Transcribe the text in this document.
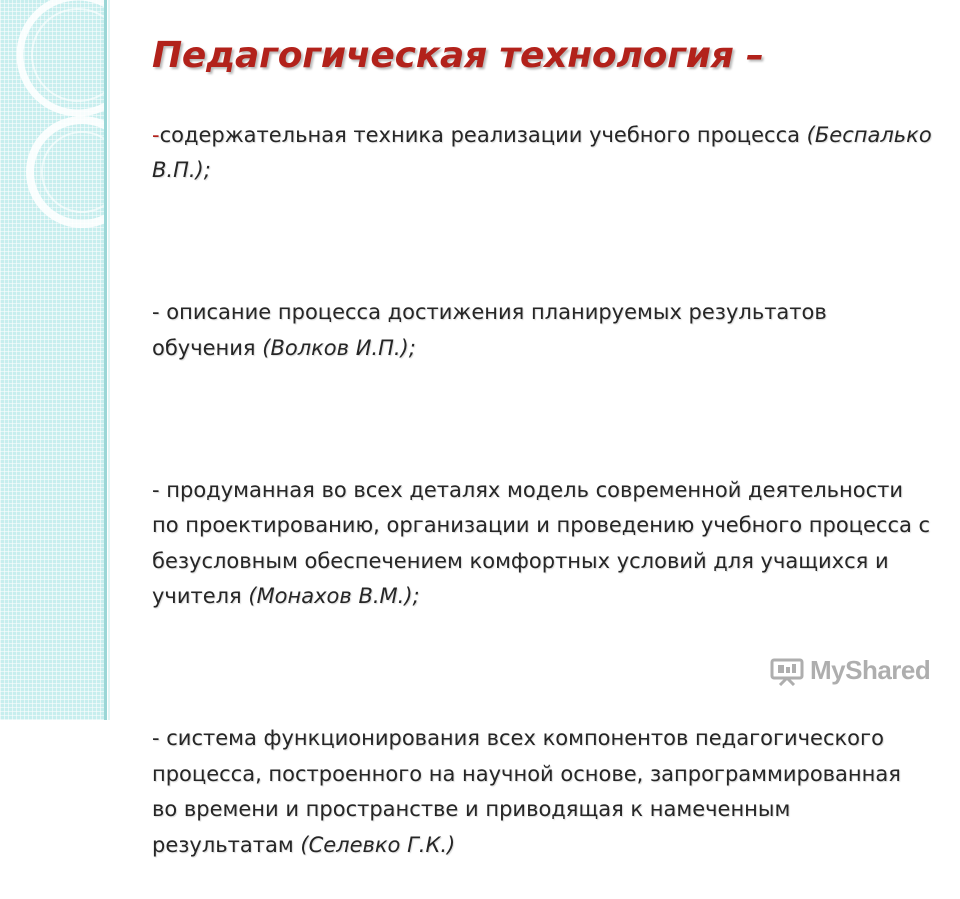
Педагогическая технология –

-содержательная техника реализации учебного процесса (Беспалько В.П.);

- описание процесса достижения планируемых результатов обучения (Волков И.П.);

- продуманная во всех деталях модель современной деятельности по проектированию, организации и проведению учебного процесса с безусловным обеспечением комфортных условий для учащихся и учителя (Монахов В.М.);

- система функционирования всех компонентов педагогического процесса, построенного на научной основе, запрограммированная во времени и пространстве и приводящая к намеченным результатам (Селевко Г.К.)

MyShared
